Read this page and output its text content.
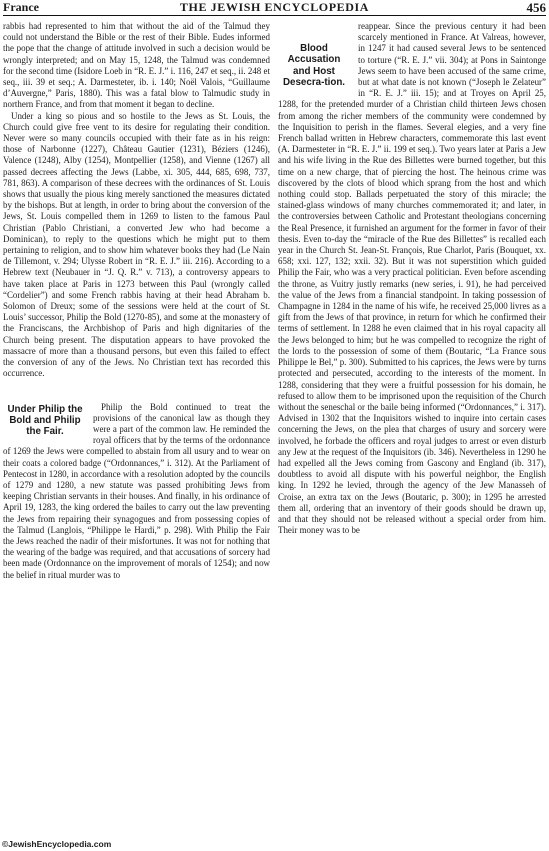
France	THE JEWISH ENCYCLOPEDIA	456

rabbis had represented to him that without the aid of the Talmud they could not understand the Bible or the rest of their Bible. Eudes informed the pope that the change of attitude involved in such a decision would be wrongly interpreted; and on May 15, 1248, the Talmud was condemned for the second time (Isidore Loeb in “R. E. J.” i. 116, 247 et seq., ii. 248 et seq., iii. 39 et seq.; A. Darmesteter, ib. i. 140; Noël Valois, “Guillaume d’Auvergne,” Paris, 1880). This was a fatal blow to Talmudic study in northern France, and from that moment it began to decline.

Under a king so pious and so hostile to the Jews as St. Louis, the Church could give free vent to its desire for regulating their condition. Never were so many councils occupied with their fate as in his reign: those of Narbonne (1227), Château Gautier (1231), Béziers (1246), Valence (1248), Alby (1254), Montpellier (1258), and Vienne (1267) all passed decrees affecting the Jews (Labbe, xi. 305, 444, 685, 698, 737, 781, 863). A comparison of these decrees with the ordinances of St. Louis shows that usually the pious king merely sanctioned the measures dictated by the bishops. But at length, in order to bring about the conversion of the Jews, St. Louis compelled them in 1269 to listen to the famous Paul Christian (Pablo Christiani, a converted Jew who had become a Dominican), to reply to the questions which he might put to them pertaining to religion, and to show him whatever books they had (Le Nain de Tillemont, v. 294; Ulysse Robert in “R. E. J.” iii. 216). According to a Hebrew text (Neubauer in “J. Q. R.” v. 713), a controversy appears to have taken place at Paris in 1273 between this Paul (wrongly called “Cordelier”) and some French rabbis having at their head Abraham b. Solomon of Dreux; some of the sessions were held at the court of St. Louis’ successor, Philip the Bold (1270-85), and some at the monastery of the Franciscans, the Archbishop of Paris and high dignitaries of the Church being present. The disputation appears to have provoked the massacre of more than a thousand persons, but even this failed to effect the conversion of any of the Jews. No Christian text has recorded this occurrence.

Under Philip the Bold and Philip the Fair.

Philip the Bold continued to treat the provisions of the canonical law as though they were a part of the common law. He reminded the royal officers that by the terms of the ordonnance of 1269 the Jews were compelled to abstain from all usury and to wear on their coats a colored badge (“Ordonnances,” i. 312). At the Parliament of Pentecost in 1280, in accordance with a resolution adopted by the councils of 1279 and 1280, a new statute was passed prohibiting Jews from keeping Christian servants in their houses. And finally, in his ordinance of April 19, 1283, the king ordered the bailes to carry out the law preventing the Jews from repairing their synagogues and from possessing copies of the Talmud (Langlois, “Philippe le Hardi,” p. 298). With Philip the Fair the Jews reached the nadir of their misfortunes. It was not for nothing that the wearing of the badge was required, and that accusations of sorcery had been made (Ordonnance on the improvement of morals of 1254); and now the belief in ritual murder was to

Blood Accusation and Host Desecra-tion.

reappear. Since the previous century it had been scarcely mentioned in France. At Valreas, however, in 1247 it had caused several Jews to be sentenced to torture (“R. E. J.” vii. 304); at Pons in Saintonge Jews seem to have been accused of the same crime, but at what date is not known (“Joseph le Zelateur” in “R. E. J.” iii. 15); and at Troyes on April 25, 1288, for the pretended murder of a Christian child thirteen Jews chosen from among the richer members of the community were condemned by the Inquisition to perish in the flames. Several elegies, and a very fine French ballad written in Hebrew characters, commemorate this last event (A. Darmesteter in “R. E. J.” ii. 199 et seq.). Two years later at Paris a Jew and his wife living in the Rue des Billettes were burned together, but this time on a new charge, that of piercing the host. The heinous crime was discovered by the clots of blood which sprang from the host and which nothing could stop. Ballads perpetuated the story of this miracle; the stained-glass windows of many churches commemorated it; and later, in the controversies between Catholic and Protestant theologians concerning the Real Presence, it furnished an argument for the former in favor of their thesis. Even to-day the “miracle of the Rue des Billettes” is recalled each year in the Church St. Jean-St. François, Rue Charlot, Paris (Bouquet, xx. 658; xxi. 127, 132; xxii. 32). But it was not superstition which guided Philip the Fair, who was a very practical politician. Even before ascending the throne, as Vuitry justly remarks (new series, i. 91), he had perceived the value of the Jews from a financial standpoint. In taking possession of Champagne in 1284 in the name of his wife, he received 25,000 livres as a gift from the Jews of that province, in return for which he confirmed their terms of settlement. In 1288 he even claimed that in his royal capacity all the Jews belonged to him; but he was compelled to recognize the right of the lords to the possession of some of them (Boutaric, “La France sous Philippe le Bel,” p. 300). Submitted to his caprices, the Jews were by turns protected and persecuted, according to the interests of the moment. In 1288, considering that they were a fruitful possession for his domain, he refused to allow them to be imprisoned upon the requisition of the Church without the seneschal or the baile being informed (“Ordonnances,” i. 317). Advised in 1302 that the Inquisitors wished to inquire into certain cases concerning the Jews, on the plea that charges of usury and sorcery were involved, he forbade the officers and royal judges to arrest or even disturb any Jew at the request of the Inquisitors (ib. 346). Nevertheless in 1290 he had expelled all the Jews coming from Gascony and England (ib. 317), doubtless to avoid all dispute with his powerful neighbor, the English king. In 1292 he levied, through the agency of the Jew Manasseh of Croise, an extra tax on the Jews (Boutaric, p. 300); in 1295 he arrested them all, ordering that an inventory of their goods should be drawn up, and that they should not be released without a special order from him. Their money was to be

©JewishEncyclopedia.com
